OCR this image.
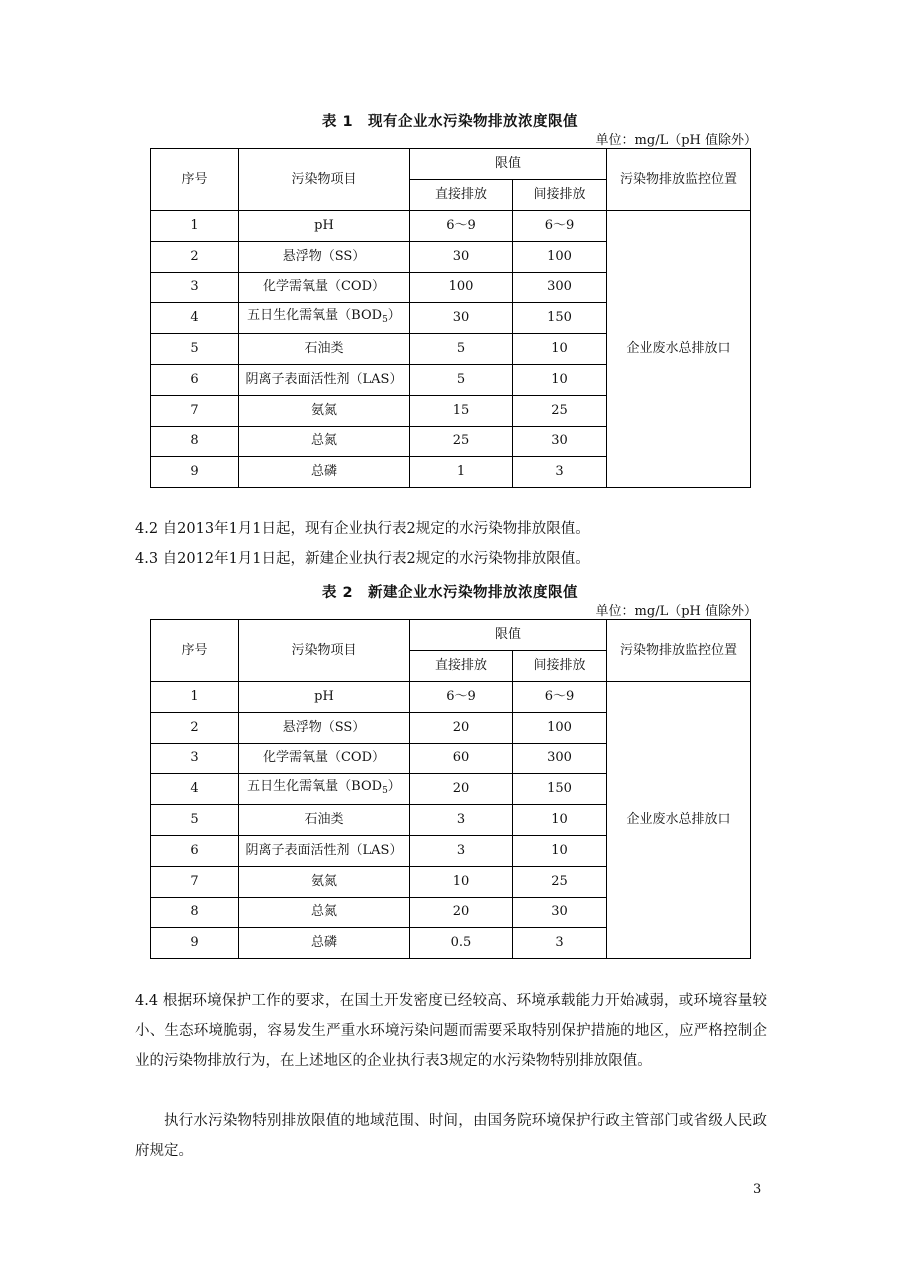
表 1　现有企业水污染物排放浓度限值
单位：mg/L（pH 值除外）
序号	污染物项目	限值		污染物排放监控位置
		直接排放	间接排放	
1	pH	6～9	6～9	企业废水总排放口
2	悬浮物（SS）	30	100	
3	化学需氧量（COD）	100	300	
4	五日生化需氧量$(BOD_5)$	30	150	
5	石油类	5	10	
6	阴离子表面活性剂（LAS）	5	10	
7	氨氮	15	25	
8	总氮	25	30	
9	总磷	1	3	
4.2 自2013年1月1日起，现有企业执行表2规定的水污染物排放限值。
4.3 自2012年1月1日起，新建企业执行表2规定的水污染物排放限值。
表 2　新建企业水污染物排放浓度限值
单位：mg/L（pH 值除外）
序号	污染物项目	限值		污染物排放监控位置
		直接排放	间接排放	
1	pH	6～9	6～9	企业废水总排放口
2	悬浮物（SS）	20	100	
3	化学需氧量（COD）	60	300	
4	五日生化需氧量$(BOD_5)$	20	150	
5	石油类	3	10	
6	阴离子表面活性剂（LAS）	3	10	
7	氨氮	10	25	
8	总氮	20	30	
9	总磷	0.5	3	
4.4 根据环境保护工作的要求，在国土开发密度已经较高、环境承载能力开始减弱，或环境容量较小、生态环境脆弱，容易发生严重水环境污染问题而需要采取特别保护措施的地区，应严格控制企业的污染物排放行为，在上述地区的企业执行表3规定的水污染物特别排放限值。
执行水污染物特别排放限值的地域范围、时间，由国务院环境保护行政主管部门或省级人民政府规定。
3
